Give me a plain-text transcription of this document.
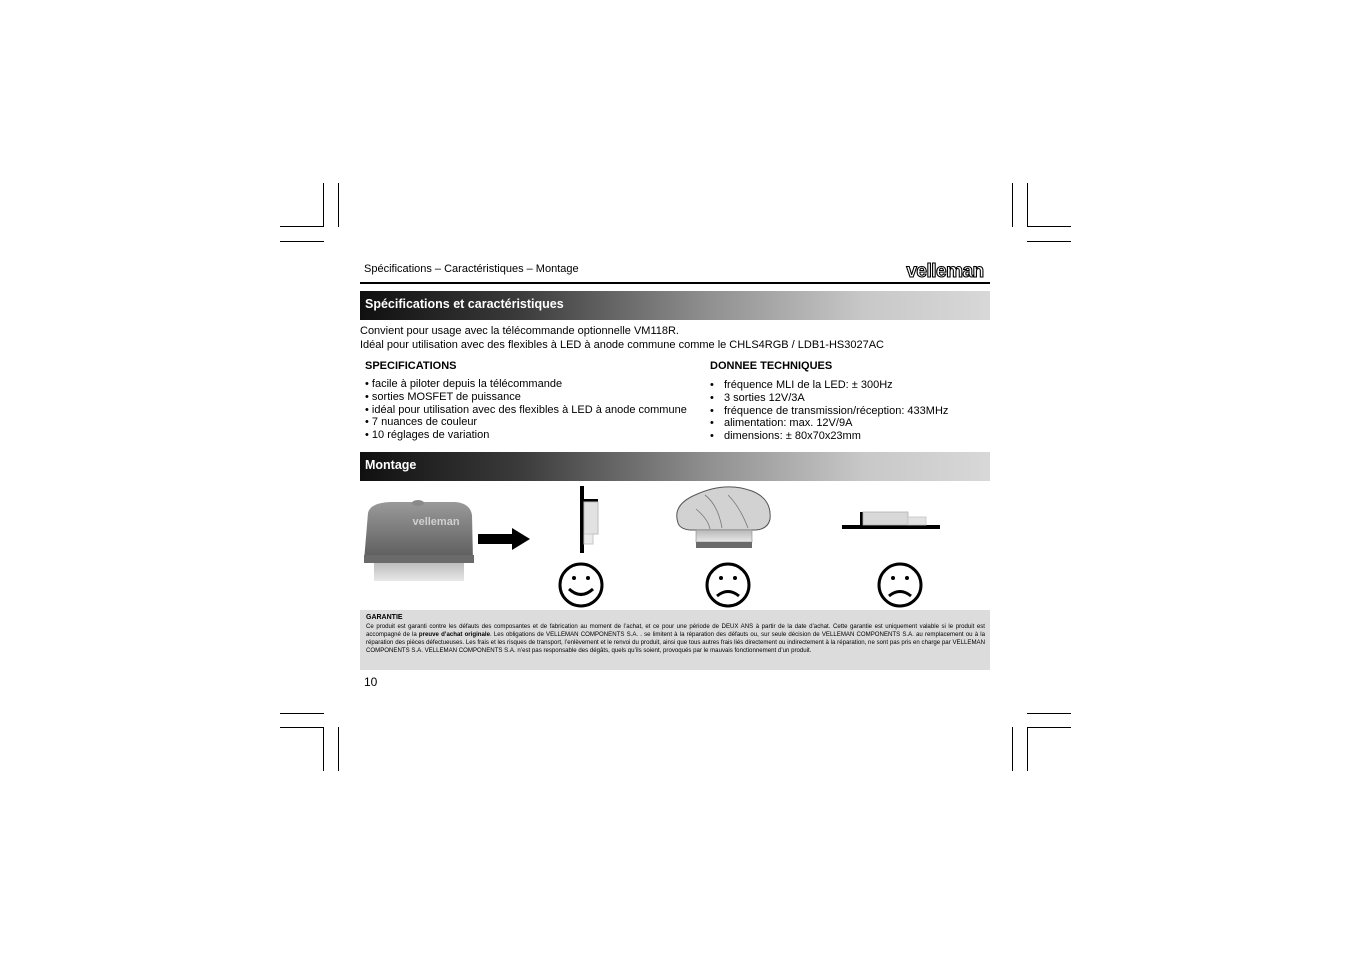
Spécifications – Caractéristiques – Montage	velleman
Spécifications et caractéristiques
Convient pour usage avec la télécommande optionnelle VM118R.
Idéal pour utilisation avec des flexibles à LED à anode commune comme le CHLS4RGB / LDB1-HS3027AC
SPECIFICATIONS
• facile à piloter depuis la télécommande
• sorties MOSFET de puissance
• idéal pour utilisation avec des flexibles à LED à anode commune
• 7 nuances de couleur
• 10 réglages de variation
DONNEE TECHNIQUES
• fréquence MLI de la LED: ± 300Hz
• 3 sorties 12V/3A
• fréquence de transmission/réception: 433MHz
• alimentation: max. 12V/9A
• dimensions: ± 80x70x23mm
Montage
velleman
GARANTIE
Ce produit est garanti contre les défauts des composantes et de fabrication au moment de l’achat, et ce pour une période de DEUX ANS à partir de la date d’achat. Cette garantie est uniquement valable si le produit est accompagné de la preuve d’achat originale. Les obligations de VELLEMAN COMPONENTS S.A. . se limitent à la réparation des défauts ou, sur seule décision de VELLEMAN COMPONENTS S.A. au remplacement ou à la réparation des pièces défectueuses. Les frais et les risques de transport, l’enlèvement et le renvoi du produit, ainsi que tous autres frais liés directement ou indirectement à la réparation, ne sont pas pris en charge par VELLEMAN COMPONENTS S.A. VELLEMAN COMPONENTS S.A. n’est pas responsable des dégâts, quels qu’ils soient, provoqués par le mauvais fonctionnement d’un produit.
10
